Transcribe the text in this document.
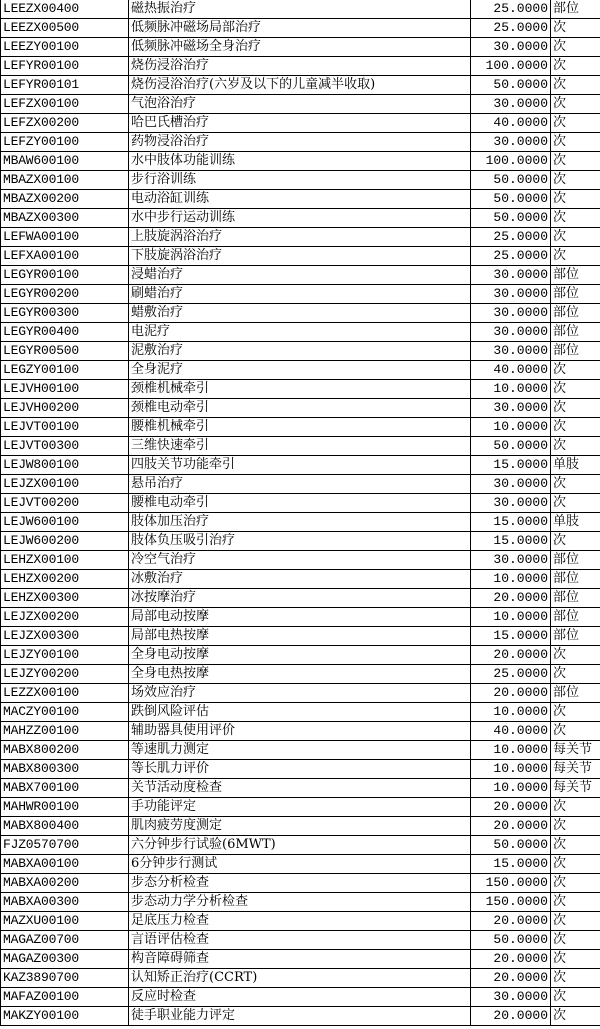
LEEZX00400	磁热振治疗	25.0000	部位
LEEZX00500	低频脉冲磁场局部治疗	25.0000	次
LEEZY00100	低频脉冲磁场全身治疗	30.0000	次
LEFYR00100	烧伤浸浴治疗	100.0000	次
LEFYR00101	烧伤浸浴治疗(六岁及以下的儿童减半收取)	50.0000	次
LEFZX00100	气泡浴治疗	30.0000	次
LEFZX00200	哈巴氏槽治疗	40.0000	次
LEFZY00100	药物浸浴治疗	30.0000	次
MBAW600100	水中肢体功能训练	100.0000	次
MBAZX00100	步行浴训练	50.0000	次
MBAZX00200	电动浴缸训练	50.0000	次
MBAZX00300	水中步行运动训练	50.0000	次
LEFWA00100	上肢旋涡浴治疗	25.0000	次
LEFXA00100	下肢旋涡浴治疗	25.0000	次
LEGYR00100	浸蜡治疗	30.0000	部位
LEGYR00200	刷蜡治疗	30.0000	部位
LEGYR00300	蜡敷治疗	30.0000	部位
LEGYR00400	电泥疗	30.0000	部位
LEGYR00500	泥敷治疗	30.0000	部位
LEGZY00100	全身泥疗	40.0000	次
LEJVH00100	颈椎机械牵引	10.0000	次
LEJVH00200	颈椎电动牵引	30.0000	次
LEJVT00100	腰椎机械牵引	10.0000	次
LEJVT00300	三维快速牵引	50.0000	次
LEJW800100	四肢关节功能牵引	15.0000	单肢
LEJZX00100	悬吊治疗	30.0000	次
LEJVT00200	腰椎电动牵引	30.0000	次
LEJW600100	肢体加压治疗	15.0000	单肢
LEJW600200	肢体负压吸引治疗	15.0000	次
LEHZX00100	冷空气治疗	30.0000	部位
LEHZX00200	冰敷治疗	10.0000	部位
LEHZX00300	冰按摩治疗	20.0000	部位
LEJZX00200	局部电动按摩	10.0000	部位
LEJZX00300	局部电热按摩	15.0000	部位
LEJZY00100	全身电动按摩	20.0000	次
LEJZY00200	全身电热按摩	25.0000	次
LEZZX00100	场效应治疗	20.0000	部位
MACZY00100	跌倒风险评估	10.0000	次
MAHZZ00100	辅助器具使用评价	40.0000	次
MABX800200	等速肌力测定	10.0000	每关节
MABX800300	等长肌力评价	10.0000	每关节
MABX700100	关节活动度检查	10.0000	每关节
MAHWR00100	手功能评定	20.0000	次
MABX800400	肌肉疲劳度测定	20.0000	次
FJZ0570700	六分钟步行试验(6MWT)	50.0000	次
MABXA00100	6分钟步行测试	15.0000	次
MABXA00200	步态分析检查	150.0000	次
MABXA00300	步态动力学分析检查	150.0000	次
MAZXU00100	足底压力检查	20.0000	次
MAGAZ00700	言语评估检查	50.0000	次
MAGAZ00300	构音障碍筛查	20.0000	次
KAZ3890700	认知矫正治疗(CCRT)	20.0000	次
MAFAZ00100	反应时检查	30.0000	次
MAKZY00100	徒手职业能力评定	20.0000	次
